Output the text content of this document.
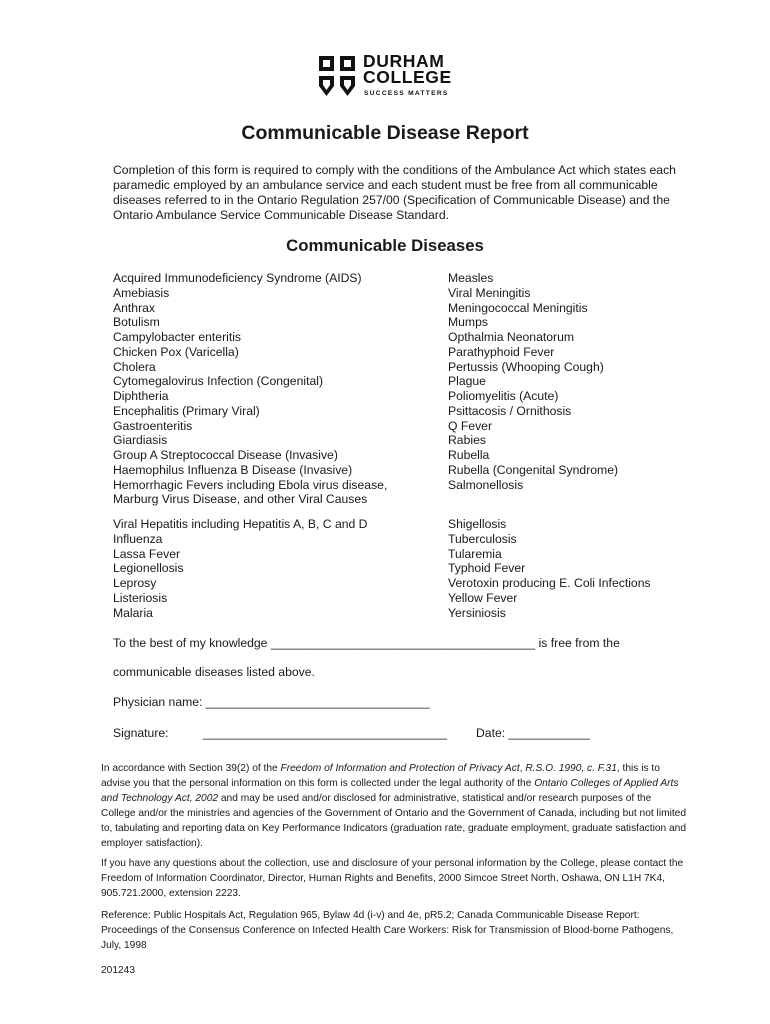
DURHAM
COLLEGE
SUCCESS MATTERS
Communicable Disease Report

Completion of this form is required to comply with the conditions of the Ambulance Act which states each paramedic employed by an ambulance service and each student must be free from all communicable diseases referred to in the Ontario Regulation 257/00 (Specification of Communicable Disease) and the Ontario Ambulance Service Communicable Disease Standard.

Communicable Diseases
Acquired Immunodeficiency Syndrome (AIDS)
Amebiasis
Anthrax
Botulism
Campylobacter enteritis
Chicken Pox (Varicella)
Cholera
Cytomegalovirus Infection (Congenital)
Diphtheria
Encephalitis (Primary Viral)
Gastroenteritis
Giardiasis
Group A Streptococcal Disease (Invasive)
Haemophilus Influenza B Disease (Invasive)
Hemorrhagic Fevers including Ebola virus disease,
Marburg Virus Disease, and other Viral Causes
Measles
Viral Meningitis
Meningococcal Meningitis
Mumps
Opthalmia Neonatorum
Parathyphoid Fever
Pertussis (Whooping Cough)
Plague
Poliomyelitis (Acute)
Psittacosis / Ornithosis
Q Fever
Rabies
Rubella
Rubella (Congenital Syndrome)
Salmonellosis
Viral Hepatitis including Hepatitis A, B, C and D
Influenza
Lassa Fever
Legionellosis
Leprosy
Listeriosis
Malaria
Shigellosis
Tuberculosis
Tularemia
Typhoid Fever
Verotoxin producing E. Coli Infections
Yellow Fever
Yersiniosis

To the best of my knowledge _______________________________________ is free from the

communicable diseases listed above.

Physician name: _________________________________

Signature:	____________________________________ Date: ____________

In accordance with Section 39(2) of the Freedom of Information and Protection of Privacy Act, R.S.O. 1990, c. F.31, this is to advise you that the personal information on this form is collected under the legal authority of the Ontario Colleges of Applied Arts and Technology Act, 2002 and may be used and/or disclosed for administrative, statistical and/or research purposes of the College and/or the ministries and agencies of the Government of Ontario and the Government of Canada, including but not limited to, tabulating and reporting data on Key Performance Indicators (graduation rate, graduate employment, graduate satisfaction and employer satisfaction).

If you have any questions about the collection, use and disclosure of your personal information by the College, please contact the Freedom of Information Coordinator, Director, Human Rights and Benefits, 2000 Simcoe Street North, Oshawa, ON L1H 7K4, 905.721.2000, extension 2223.

Reference: Public Hospitals Act, Regulation 965, Bylaw 4d (i-v) and 4e, pR5.2; Canada Communicable Disease Report: Proceedings of the Consensus Conference on Infected Health Care Workers: Risk for Transmission of Blood-borne Pathogens, July, 1998

201243
